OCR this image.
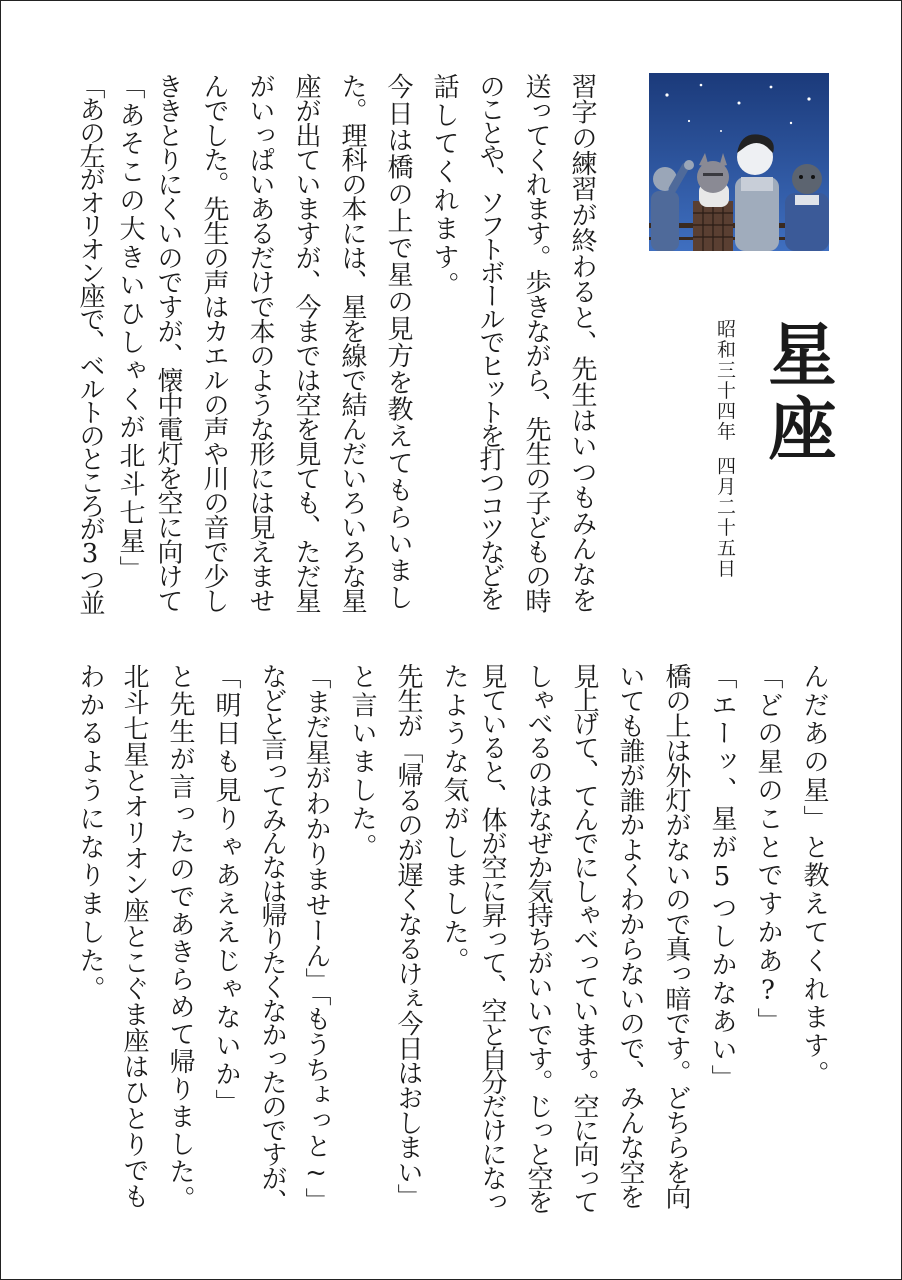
星座
昭和三十四年四月二十五日
習字の練習が終わると、先生はいつもみんなを
送ってくれます。歩きながら、先生の子どもの時
のことや、ソフトボールでヒットを打つコツなどを
話してくれます。
今日は橋の上で星の見方を教えてもらいまし
た。理科の本には、星を線で結んだいろいろな星
座が出ていますが、今までは空を見ても、ただ星
がいっぱいあるだけで本のような形には見えませ
んでした。先生の声はカエルの声や川の音で少し
ききとりにくいのですが、懐中電灯を空に向けて
「あそこの大きいひしゃくが北斗七星」
「あの左がオリオン座で、ベルトのところが3つ並
んだあの星」と教えてくれます。
「どの星のことですかあ?」
「エーッ、星が5つしかなあい」
橋の上は外灯がないので真っ暗です。どちらを向
いても誰が誰かよくわからないので、みんな空を
見上げて、てんでにしゃべっています。空に向って
しゃべるのはなぜか気持ちがいいです。じっと空を
見ていると、体が空に昇って、空と自分だけになっ
たような気がしました。
先生が「帰るのが遅くなるけぇ今日はおしまい」
と言いました。
「まだ星がわかりませーん」「もうちょっと~」
などと言ってみんなは帰りたくなかったのですが、
「明日も見りゃあええじゃないか」
と先生が言ったのであきらめて帰りました。
北斗七星とオリオン座とこぐま座はひとりでも
わかるようになりました。
